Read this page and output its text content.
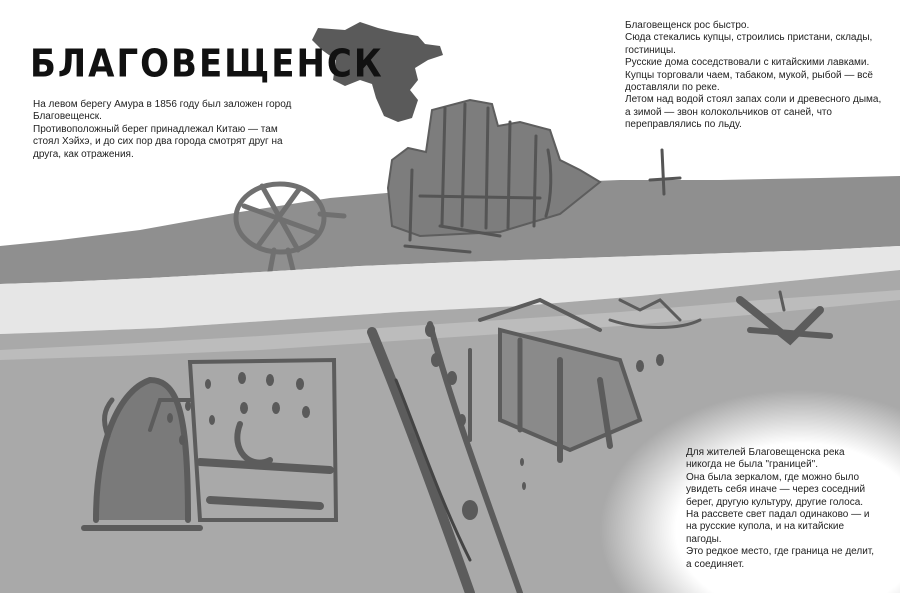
БЛАГОВЕЩЕНСК

На левом берегу Амура в 1856 году был заложен город Благовещенск.

Противоположный берег принадлежал Китаю — там стоял Хэйхэ, и до сих пор два города смотрят друг на друга, как отражения.

Благовещенск рос быстро.

Сюда стекались купцы, строились пристани, склады, гостиницы.

Русские дома соседствовали с китайскими лавками.

Купцы торговали чаем, табаком, мукой, рыбой — всё доставляли по реке.

Летом над водой стоял запах соли и древесного дыма, а зимой — звон колокольчиков от саней, что переправлялись по льду.

Для жителей Благовещенска река никогда не была "границей".

Она была зеркалом, где можно было увидеть себя иначе — через соседний берег, другую культуру, другие голоса.

На рассвете свет падал одинаково — и на русские купола, и на китайские пагоды.

Это редкое место, где граница не делит, а соединяет.
